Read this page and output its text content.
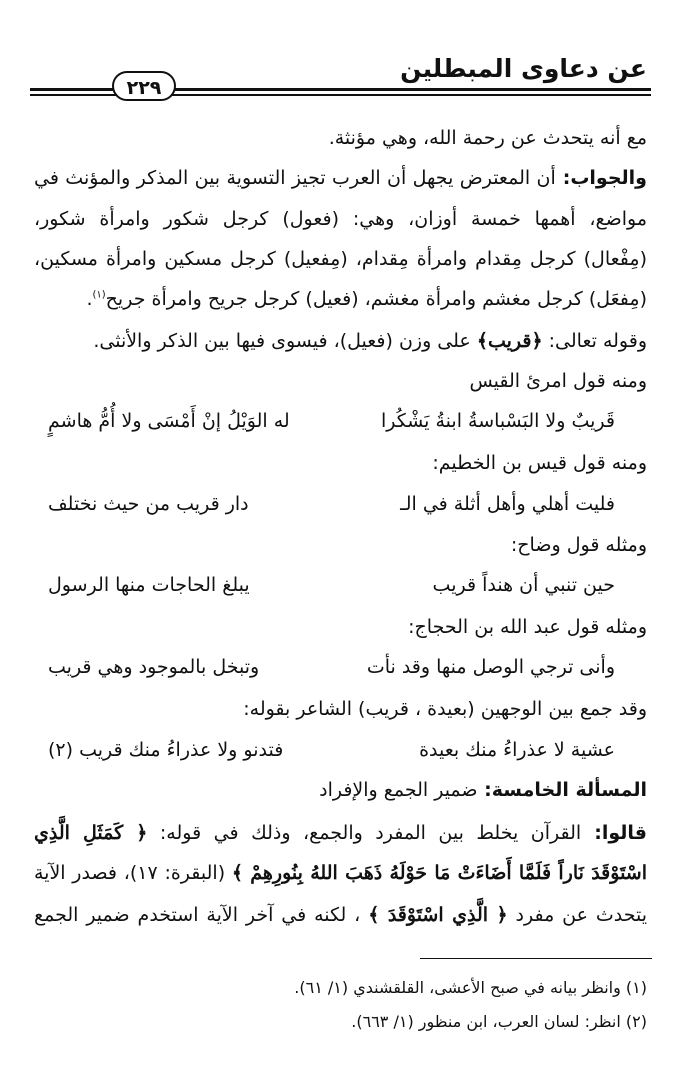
عن دعاوى المبطلين
٢٢٩
مع أنه يتحدث عن رحمة الله، وهي مؤنثة.
والجواب: أن المعترض يجهل أن العرب تجيز التسوية بين المذكر والمؤنث في
مواضع، أهمها خمسة أوزان، وهي: (فعول) كرجل شكور وامرأة شكور،
(مِفْعال) كرجل مِقدام وامرأة مِقدام، (مِفعيل) كرجل مسكين وامرأة مسكين،
(مِفعَل) كرجل مغشم وامرأة مغشم، (فعيل) كرجل جريح وامرأة جريح$^{(١)}$.
وقوله تعالى: ﴿قريب﴾ على وزن (فعيل)، فيسوى فيها بين الذكر والأنثى.
ومنه قول امرئ القيس
قَريبٌ ولا البَسْباسةُ ابنةُ يَشْكُرا
له الوَيْلُ إنْ أَمْسَى ولا أُمُّ هاشمٍ
ومنه قول قيس بن الخطيم:
فليت أهلي وأهل أثلة في الـ
دار قريب من حيث نختلف
ومثله قول وضاح:
حين تنبي أن هنداً قريب
يبلغ الحاجات منها الرسول
ومثله قول عبد الله بن الحجاج:
وأنى ترجي الوصل منها وقد نأت
وتبخل بالموجود وهي قريب
وقد جمع بين الوجهين (بعيدة ، قريب) الشاعر بقوله:
عشية لا عذراءُ منك بعيدة
فتدنو ولا عذراءُ منك قريب (٢)
المسألة الخامسة: ضمير الجمع والإفراد
قالوا: القرآن يخلط بين المفرد والجمع، وذلك في قوله: ﴿ كَمَثَلِ الَّذِي
اسْتَوْقَدَ نَاراً فَلَمَّا أَضَاءَتْ مَا حَوْلَهُ ذَهَبَ اللهُ بِنُورِهِمْ ﴾ (البقرة: ١٧)، فصدر الآية
يتحدث عن مفرد ﴿ الَّذِي اسْتَوْقَدَ ﴾ ، لكنه في آخر الآية استخدم ضمير الجمع
(١) وانظر بيانه في صبح الأعشى، القلقشندي (١/ ٦١).
(٢) انظر: لسان العرب، ابن منظور (١/ ٦٦٣).
